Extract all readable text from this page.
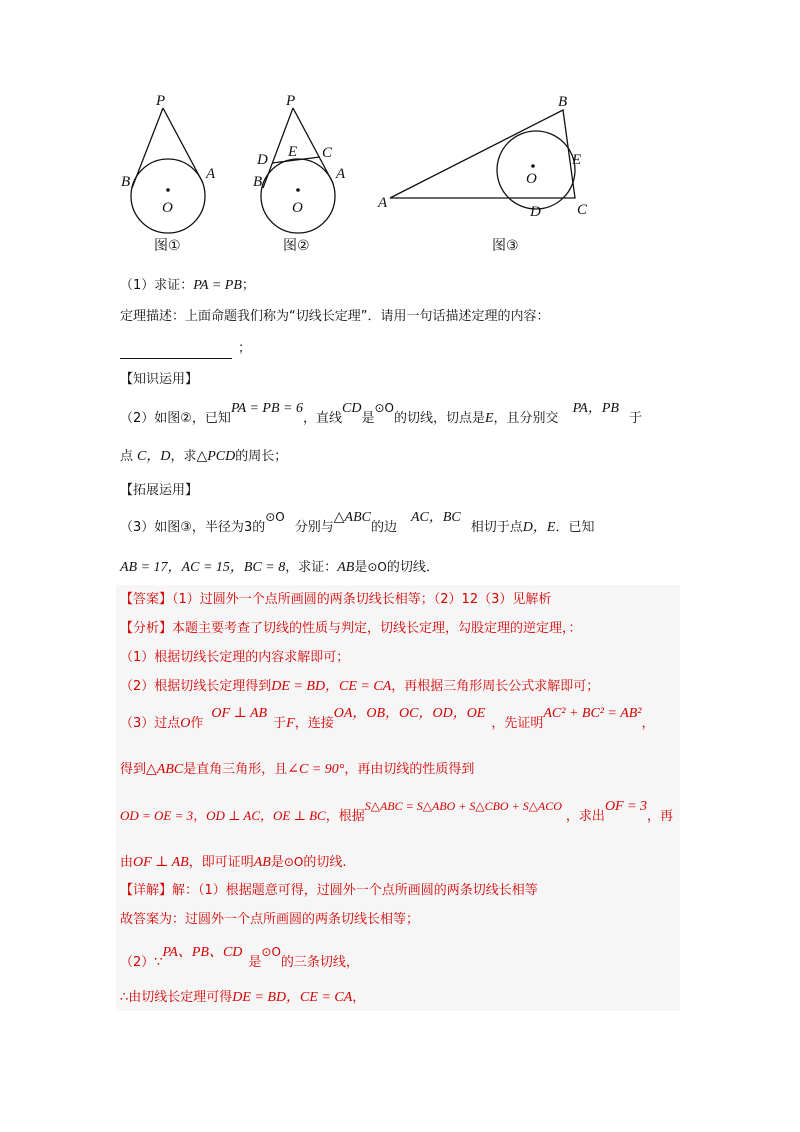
P
A
B
O
图①
P
E C
D
A
B
O
图②
A
B
C
D
E
O
图③
（1）求证：PA = PB；
定理描述：上面命题我们称为“切线长定理”．请用一句话描述定理的内容：
；
【知识运用】
（2）如图②，已知PA = PB = 6，直线CD是⊙O的切线，切点是E，且分别交PA，PB于
点 C，D，求△PCD的周长；
【拓展运用】
（3）如图③，半径为3的⊙O分别与△ABC的边AC，BC相切于点D，E．已知
AB = 17，AC = 15，BC = 8，求证：AB是⊙O的切线．
【答案】（1）过圆外一个点所画圆的两条切线长相等；（2）12（3）见解析
【分析】本题主要考查了切线的性质与判定，切线长定理，勾股定理的逆定理，：
（1）根据切线长定理的内容求解即可；
（2）根据切线长定理得到DE = BD，CE = CA，再根据三角形周长公式求解即可；
（3）过点O作OF ⊥ AB于F，连接OA，OB，OC，OD，OE，先证明AC² + BC² = AB²，
得到△ABC是直角三角形，且∠C = 90°，再由切线的性质得到
OD = OE = 3，OD ⊥ AC，OE ⊥ BC，根据S△ABC = S△ABO + S△CBO + S△ACO，求出OF = 3，再
由OF ⊥ AB，即可证明AB是⊙O的切线.
【详解】解：（1）根据题意可得，过圆外一个点所画圆的两条切线长相等
故答案为：过圆外一个点所画圆的两条切线长相等；
（2）∵PA、PB、CD是⊙O的三条切线，
∴由切线长定理可得DE = BD，CE = CA，
